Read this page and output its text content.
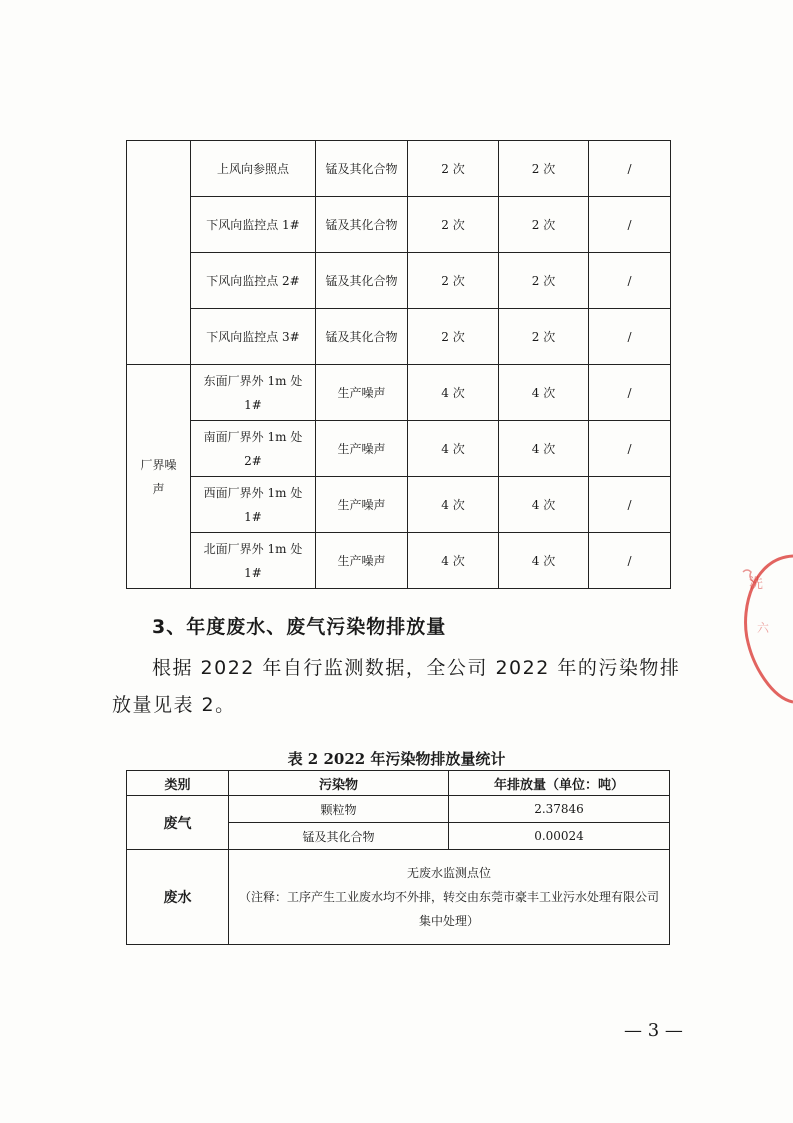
	上风向参照点	锰及其化合物	2 次	2 次	/
	下风向监控点 1#	锰及其化合物	2 次	2 次	/
	下风向监控点 2#	锰及其化合物	2 次	2 次	/
	下风向监控点 3#	锰及其化合物	2 次	2 次	/
厂界噪声	东面厂界外 1m 处 1#	生产噪声	4 次	4 次	/
	南面厂界外 1m 处 2#	生产噪声	4 次	4 次	/
	西面厂界外 1m 处 1#	生产噪声	4 次	4 次	/
	北面厂界外 1m 处 1#	生产噪声	4 次	4 次	/
3、年度废水、废气污染物排放量
根据 2022 年自行监测数据，全公司 2022 年的污染物排放量见表 2。
表 2 2022 年污染物排放量统计
类别	污染物	年排放量（单位：吨）
废气	颗粒物	2.37846
	锰及其化合物	0.00024
废水	无废水监测点位
（注释：工序产生工业废水均不外排，转交由东莞市豪丰工业污水处理有限公司集中处理）	
— 3 —
洗
六
